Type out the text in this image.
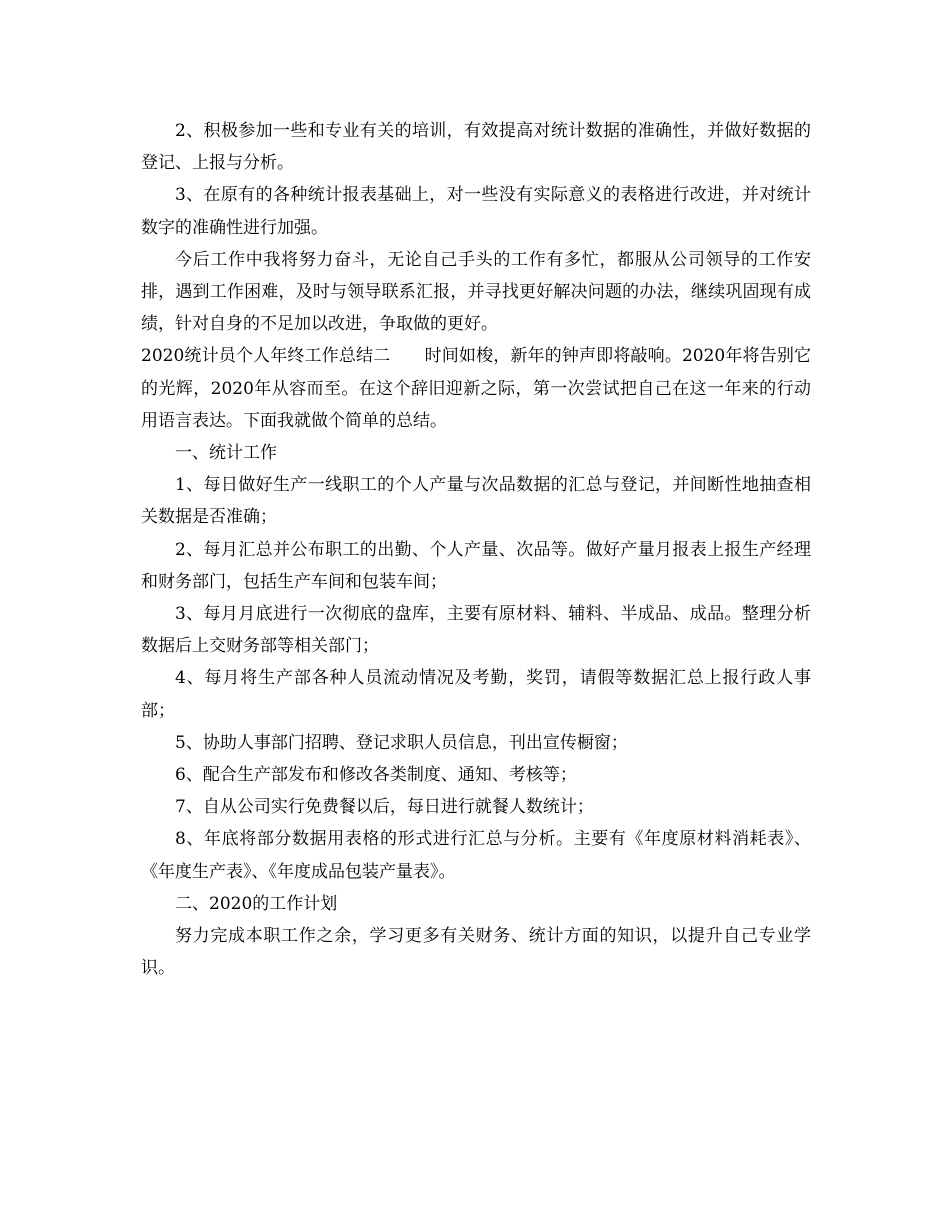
2、积极参加一些和专业有关的培训，有效提高对统计数据的准确性，并做好数据的登记、上报与分析。

3、在原有的各种统计报表基础上，对一些没有实际意义的表格进行改进，并对统计数字的准确性进行加强。

今后工作中我将努力奋斗，无论自己手头的工作有多忙，都服从公司领导的工作安排，遇到工作困难，及时与领导联系汇报，并寻找更好解决问题的办法，继续巩固现有成绩，针对自身的不足加以改进，争取做的更好。

2020统计员个人年终工作总结二　　时间如梭，新年的钟声即将敲响。2020年将告别它的光辉，2020年从容而至。在这个辞旧迎新之际，第一次尝试把自己在这一年来的行动用语言表达。下面我就做个简单的总结。

一、统计工作

1、每日做好生产一线职工的个人产量与次品数据的汇总与登记，并间断性地抽查相关数据是否准确；

2、每月汇总并公布职工的出勤、个人产量、次品等。做好产量月报表上报生产经理和财务部门，包括生产车间和包装车间；

3、每月月底进行一次彻底的盘库，主要有原材料、辅料、半成品、成品。整理分析数据后上交财务部等相关部门；

4、每月将生产部各种人员流动情况及考勤，奖罚，请假等数据汇总上报行政人事部；

5、协助人事部门招聘、登记求职人员信息，刊出宣传橱窗；

6、配合生产部发布和修改各类制度、通知、考核等；

7、自从公司实行免费餐以后，每日进行就餐人数统计；

8、年底将部分数据用表格的形式进行汇总与分析。主要有《年度原材料消耗表》、《年度生产表》、《年度成品包装产量表》。

二、2020的工作计划

努力完成本职工作之余，学习更多有关财务、统计方面的知识，以提升自己专业学识。
